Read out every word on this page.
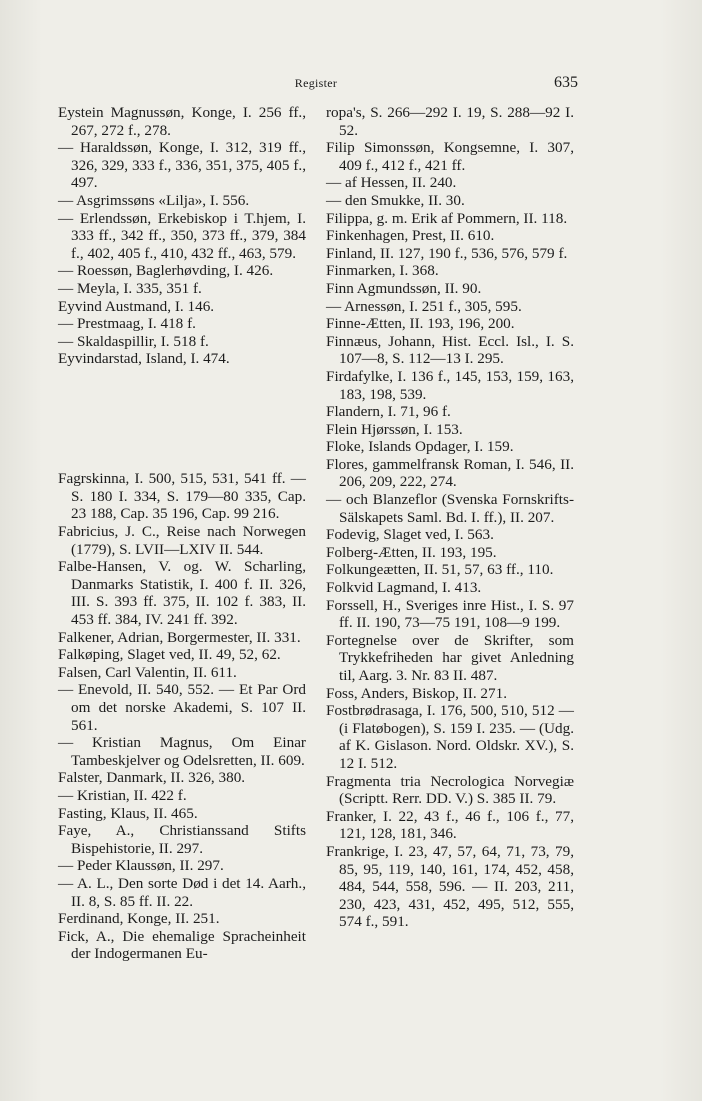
Register	635

Eystein Magnussøn, Konge, I. 256 ff., 267, 272 f., 278.

— Haraldssøn, Konge, I. 312, 319 ff., 326, 329, 333 f., 336, 351, 375, 405 f., 497.

— Asgrimssøns «Lilja», I. 556.

— Erlendssøn, Erkebiskop i T.hjem, I. 333 ff., 342 ff., 350, 373 ff., 379, 384 f., 402, 405 f., 410, 432 ff., 463, 579.

— Roessøn, Baglerhøvding, I. 426.

— Meyla, I. 335, 351 f.

Eyvind Austmand, I. 146.

— Prestmaag, I. 418 f.

— Skaldaspillir, I. 518 f.

Eyvindarstad, Island, I. 474.

Fagrskinna, I. 500, 515, 531, 541 ff. — S. 180 I. 334, S. 179—80 335, Cap. 23 188, Cap. 35 196, Cap. 99 216.

Fabricius, J. C., Reise nach Norwegen (1779), S. LVII—LXIV II. 544.

Falbe-Hansen, V. og. W. Scharling, Danmarks Statistik, I. 400 f. II. 326, III. S. 393 ff. 375, II. 102 f. 383, II. 453 ff. 384, IV. 241 ff. 392.

Falkener, Adrian, Borgermester, II. 331.

Falkøping, Slaget ved, II. 49, 52, 62.

Falsen, Carl Valentin, II. 611.

— Enevold, II. 540, 552. — Et Par Ord om det norske Akademi, S. 107 II. 561.

— Kristian Magnus, Om Einar Tambeskjelver og Odelsretten, II. 609.

Falster, Danmark, II. 326, 380.

— Kristian, II. 422 f.

Fasting, Klaus, II. 465.

Faye, A., Christianssand Stifts Bispehistorie, II. 297.

— Peder Klaussøn, II. 297.

— A. L., Den sorte Død i det 14. Aarh., II. 8, S. 85 ff. II. 22.

Ferdinand, Konge, II. 251.

Fick, A., Die ehemalige Spracheinheit der Indogermanen Eu-

ropa's, S. 266—292 I. 19, S. 288—92 I. 52.

Filip Simonssøn, Kongsemne, I. 307, 409 f., 412 f., 421 ff.

— af Hessen, II. 240.

— den Smukke, II. 30.

Filippa, g. m. Erik af Pommern, II. 118.

Finkenhagen, Prest, II. 610.

Finland, II. 127, 190 f., 536, 576, 579 f.

Finmarken, I. 368.

Finn Agmundssøn, II. 90.

— Arnessøn, I. 251 f., 305, 595.

Finne-Ætten, II. 193, 196, 200.

Finnæus, Johann, Hist. Eccl. Isl., I. S. 107—8, S. 112—13 I. 295.

Firdafylke, I. 136 f., 145, 153, 159, 163, 183, 198, 539.

Flandern, I. 71, 96 f.

Flein Hjørssøn, I. 153.

Floke, Islands Opdager, I. 159.

Flores, gammelfransk Roman, I. 546, II. 206, 209, 222, 274.

— och Blanzeflor (Svenska Fornskrifts-Sälskapets Saml. Bd. I. ff.), II. 207.

Fodevig, Slaget ved, I. 563.

Folberg-Ætten, II. 193, 195.

Folkungeætten, II. 51, 57, 63 ff., 110.

Folkvid Lagmand, I. 413.

Forssell, H., Sveriges inre Hist., I. S. 97 ff. II. 190, 73—75 191, 108—9 199.

Fortegnelse over de Skrifter, som Trykkefriheden har givet Anledning til, Aarg. 3. Nr. 83 II. 487.

Foss, Anders, Biskop, II. 271.

Fostbrødrasaga, I. 176, 500, 510, 512 — (i Flatøbogen), S. 159 I. 235. — (Udg. af K. Gislason. Nord. Oldskr. XV.), S. 12 I. 512.

Fragmenta tria Necrologica Norvegiæ (Scriptt. Rerr. DD. V.) S. 385 II. 79.

Franker, I. 22, 43 f., 46 f., 106 f., 77, 121, 128, 181, 346.

Frankrige, I. 23, 47, 57, 64, 71, 73, 79, 85, 95, 119, 140, 161, 174, 452, 458, 484, 544, 558, 596. — II. 203, 211, 230, 423, 431, 452, 495, 512, 555, 574 f., 591.
